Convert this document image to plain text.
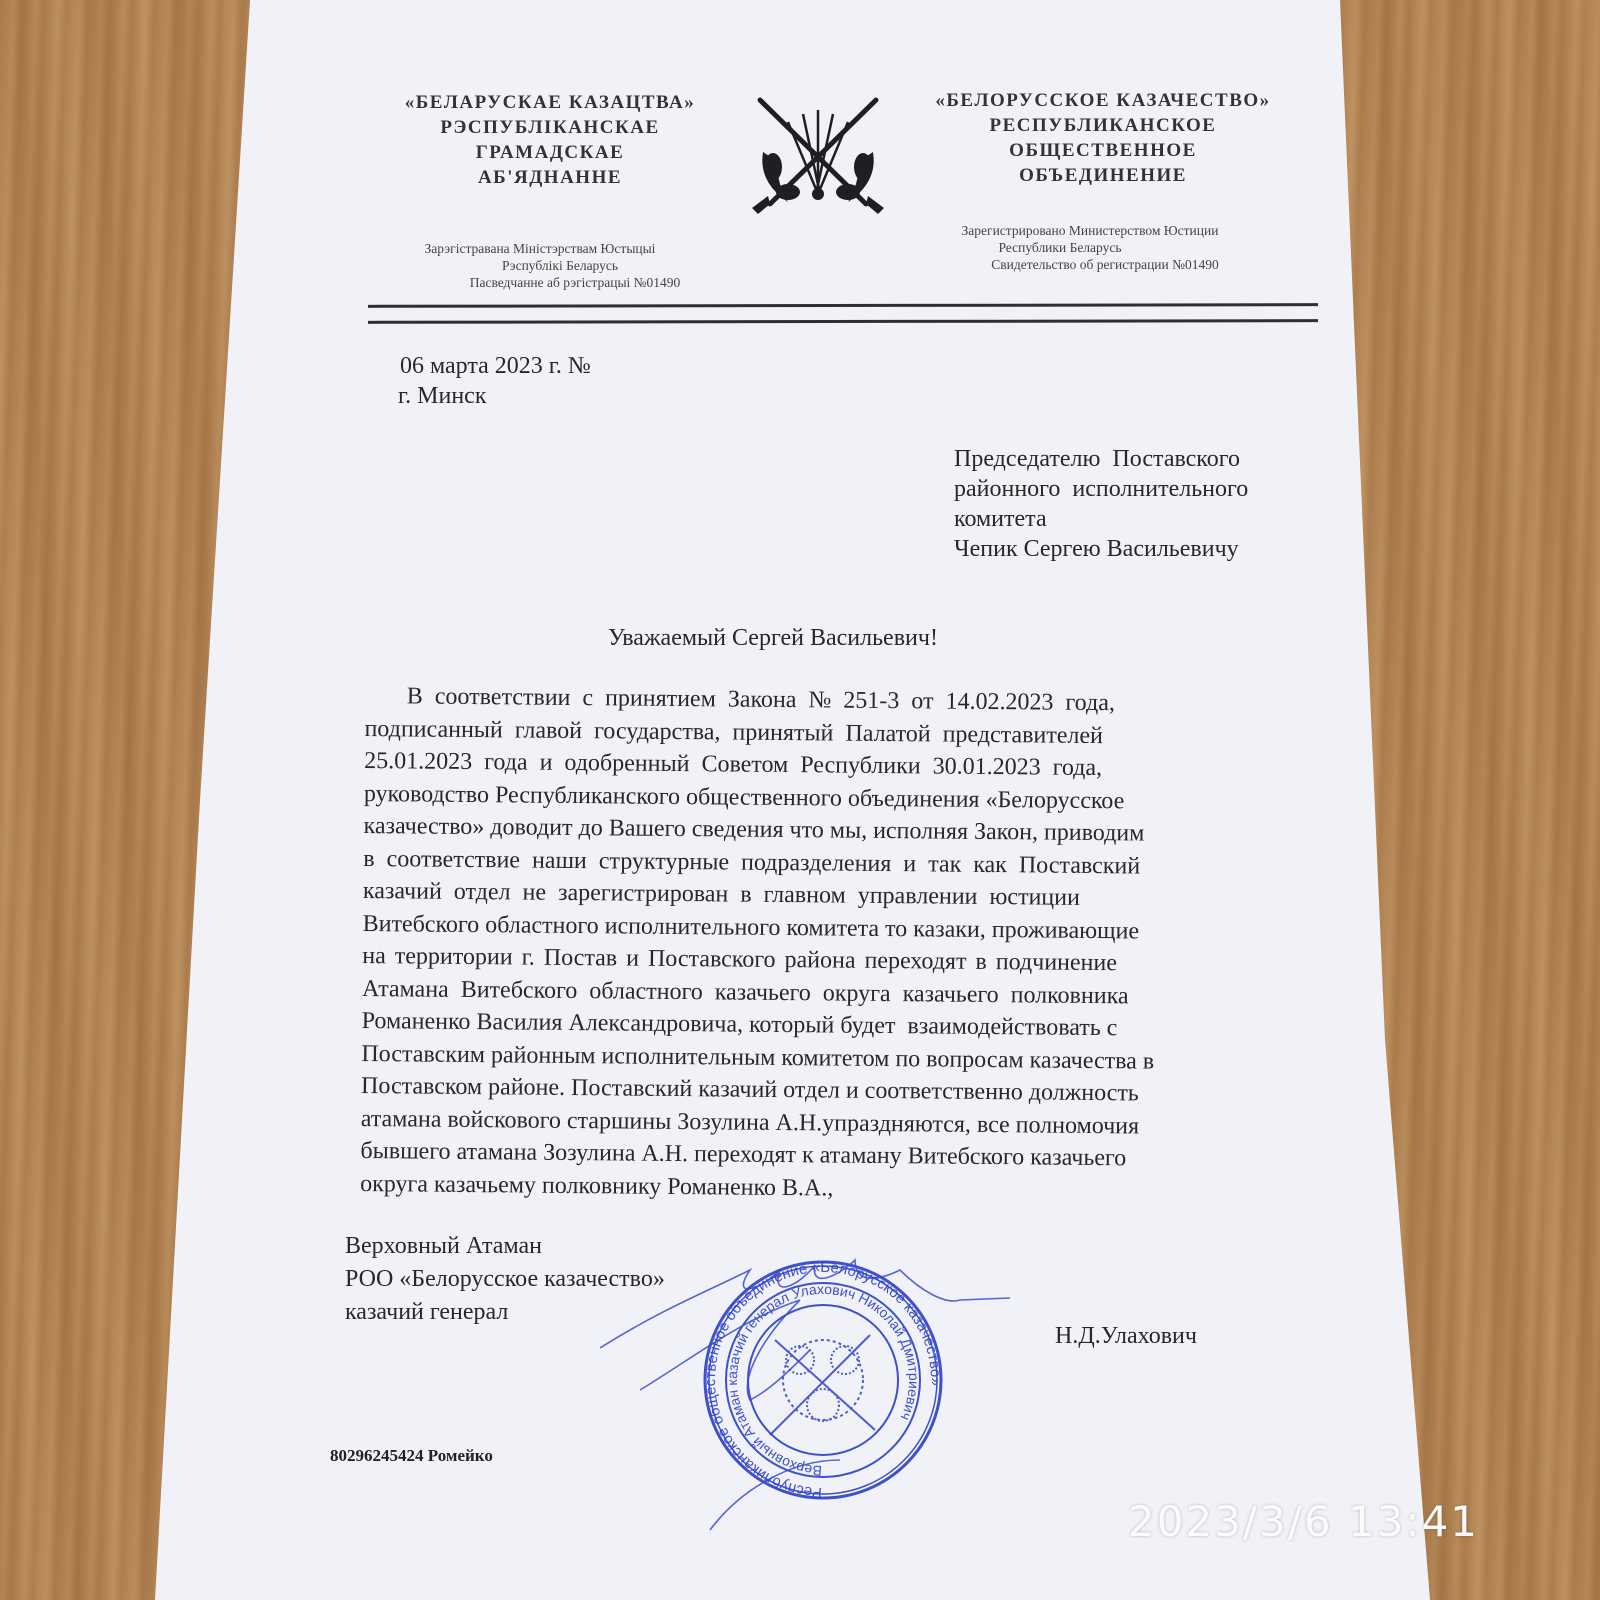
«БЕЛАРУСКАЕ КАЗАЦТВА»
РЭСПУБЛІКАНСКАЕ
ГРАМАДСКАЕ
АБ'ЯДНАННЕ
Зарэгістравана Міністэрствам Юстыцыі
Рэспублікі Беларусь
Пасведчанне аб рэгістрацыі №01490
«БЕЛОРУССКОЕ КАЗАЧЕСТВО»
РЕСПУБЛИКАНСКОЕ
ОБЩЕСТВЕННОЕ
ОБЪЕДИНЕНИЕ
Зарегистрировано Министерством Юстиции
Республики Беларусь
Свидетельство об регистрации №01490
06 марта 2023 г. №
г. Минск
Председателю  Поставского
районного  исполнительного
комитета
Чепик Сергею Васильевичу
Уважаемый Сергей Васильевич!
В  соответствии  с  принятием  Закона  №  251-3  от  14.02.2023  года,
подписанный  главой  государства,  принятый  Палатой  представителей
25.01.2023  года  и  одобренный  Советом  Республики  30.01.2023  года,
руководство Республиканского общественного объединения «Белорусское
казачество» доводит до Вашего сведения что мы, исполняя Закон, приводим
в соответствие наши структурные подразделения и так как Поставский
казачий  отдел  не  зарегистрирован  в  главном  управлении  юстиции
Витебского областного исполнительного комитета то казаки, проживающие
на территории г. Постав и Поставского района переходят в подчинение
Атамана  Витебского  областного  казачьего  округа  казачьего  полковника
Романенко Василия Александровича, который будет  взаимодействовать с
Поставским районным исполнительным комитетом по вопросам казачества в
Поставском районе. Поставский казачий отдел и соответственно должность
атамана войскового старшины Зозулина А.Н.упраздняются, все полномочия
бывшего атамана Зозулина А.Н. переходят к атаману Витебского казачьего
округа казачьему полковнику Романенко В.А.,
Верховный Атаман
РОО «Белорусское казачество»
казачий генерал
Н.Д.Улахович
80296245424 Ромейко
Республиканское общественное объединение «Белорусское казачество»
Верховный Атаман казачий генерал Улахович Николай Дмитриевич
2023/3/6 13:41
